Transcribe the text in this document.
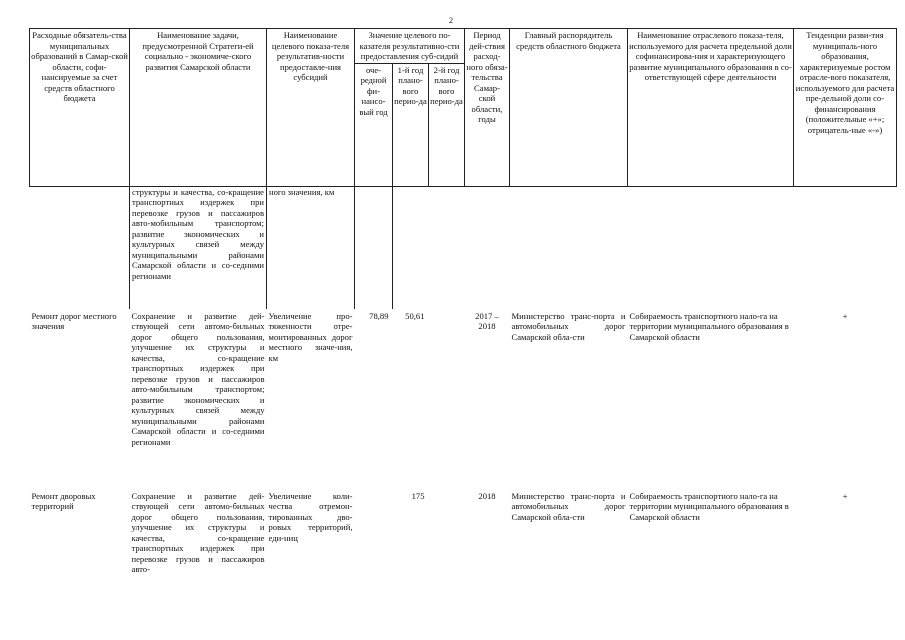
2
Расходные обязатель-ства муниципальных образований в Самар-ской области, софи-нансируемые за счет средств областного бюджета	Наименование задачи, предусмотренной Стратеги-ей социально - экономиче-ского развития Самарской области	Наименование целевого показа-теля результатив-ности предоставле-ния субсидий	Значение целевого по-казателя результативно-сти предоставления суб-сидий			Период дей-ствия расход-ного обяза-тельства Самар-ской области, годы	Главный распорядитель средств областного бюджета	Наименование отраслевого показа-теля, используемого для расчета предельной доли софинансирова-ния и характеризующего развитие муниципального образования в со-ответствующей сфере деятельности	Тенденции разви-тия муниципаль-ного образования, характеризуемые ростом отрасле-вого показателя, используемого для расчета пре-дельной доли со-финансирования (положительные «+»; отрицатель-ные «-»)
			оче-редной фи-нансо-вый год	1-й год плано-вого перио-да	2-й год плано-вого перио-да				
	структуры и качества, со-кращение транспортных издержек при перевозке грузов и пассажиров авто-мобильным транспортом; развитие экономических и культурных связей между муниципальными районами Самарской области и со-седними регионами	ного значения, км							
Ремонт дорог местного значения	Сохранение и развитие дей-ствующей сети автомо-бильных дорог общего пользования, улучшение их структуры и качества, со-кращение транспортных издержек при перевозке грузов и пассажиров авто-мобильным транспортом; развитие экономических и культурных связей между муниципальными районами Самарской области и со-седними регионами	Увеличение про-тяженности отре-монтированных дорог местного значе-ния, км	78,89	50,61		2017 – 2018	Министерство транс-порта и автомобильных дорог Самарской обла-сти	Собираемость транспортного нало-га на территории муниципального образования в Самарской области	+
Ремонт дворовых территорий	Сохранение и развитие дей-ствующей сети автомо-бильных дорог общего пользования, улучшение их структуры и качества, со-кращение транспортных издержек при перевозке грузов и пассажиров авто-	Увеличение коли-чества отремон-тированных дво-ровых территорий, еди-ниц		175		2018	Министерство транс-порта и автомобильных дорог Самарской обла-сти	Собираемость транспортного нало-га на территории муниципального образования в Самарской области	+
